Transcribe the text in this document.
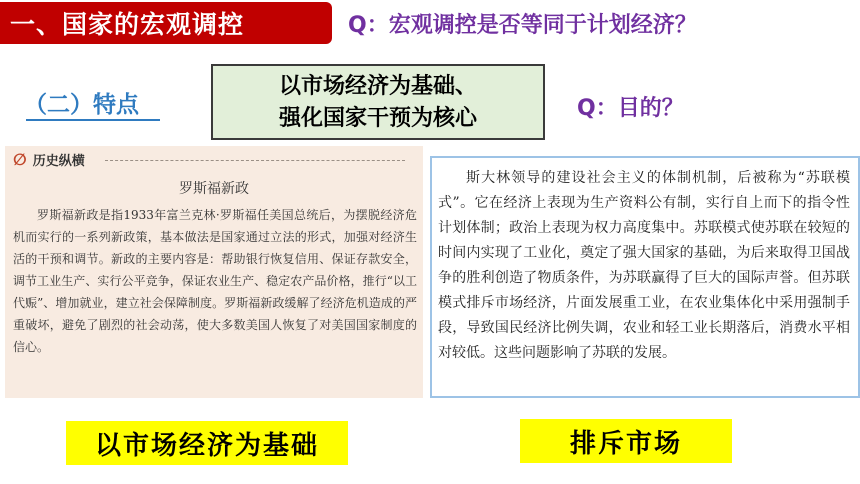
一、国家的宏观调控	Q：宏观调控是否等同于计划经济？
（二）特点
以市场经济为基础、
强化国家干预为核心	Q：目的？
∅ 历史纵横
罗斯福新政

罗斯福新政是指1933年富兰克林·罗斯福任美国总统后，为摆脱经济危机而实行的一系列新政策，基本做法是国家通过立法的形式，加强对经济生活的干预和调节。新政的主要内容是：帮助银行恢复信用、保证存款安全，调节工业生产、实行公平竞争，保证农业生产、稳定农产品价格，推行“以工代赈”、增加就业，建立社会保障制度。罗斯福新政缓解了经济危机造成的严重破坏，避免了剧烈的社会动荡，使大多数美国人恢复了对美国国家制度的信心。

斯大林领导的建设社会主义的体制机制，后被称为“苏联模式”。它在经济上表现为生产资料公有制，实行自上而下的指令性计划体制；政治上表现为权力高度集中。苏联模式使苏联在较短的时间内实现了工业化，奠定了强大国家的基础，为后来取得卫国战争的胜利创造了物质条件，为苏联赢得了巨大的国际声誉。但苏联模式排斥市场经济，片面发展重工业，在农业集体化中采用强制手段，导致国民经济比例失调，农业和轻工业长期落后，消费水平相对较低。这些问题影响了苏联的发展。

以市场经济为基础	排斥市场
1
